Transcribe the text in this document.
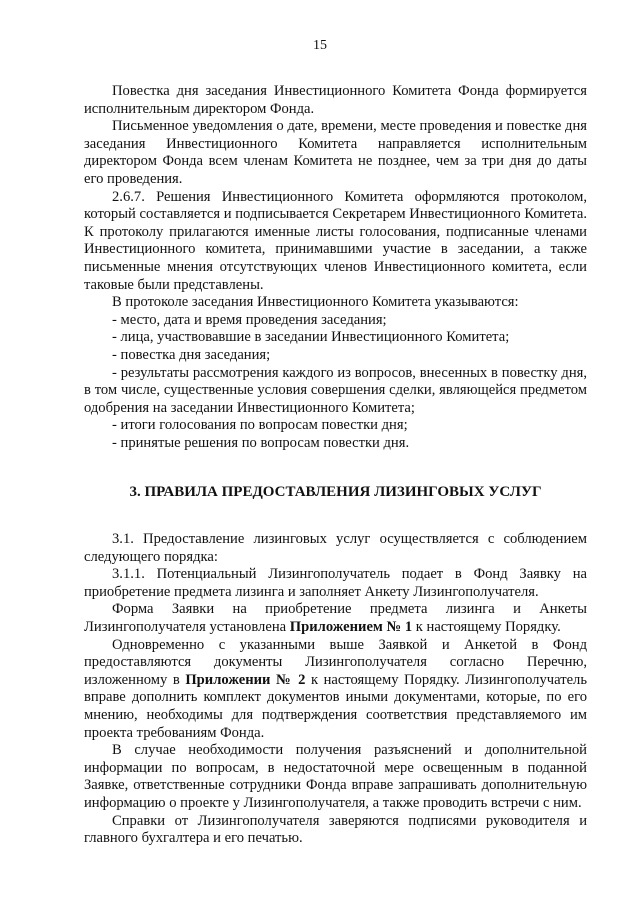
15

Повестка дня заседания Инвестиционного Комитета Фонда формируется исполнительным директором Фонда.

Письменное уведомления о дате, времени, месте проведения и повестке дня заседания Инвестиционного Комитета направляется исполнительным директором Фонда всем членам Комитета не позднее, чем за три дня до даты его проведения.

2.6.7. Решения Инвестиционного Комитета оформляются протоколом, который составляется и подписывается Секретарем Инвестиционного Комитета. К протоколу прилагаются именные листы голосования, подписанные членами Инвестиционного комитета, принимавшими участие в заседании, а также письменные мнения отсутствующих членов Инвестиционного комитета, если таковые были представлены.

В протоколе заседания Инвестиционного Комитета указываются:

- место, дата и время проведения заседания;

- лица, участвовавшие в заседании Инвестиционного Комитета;

- повестка дня заседания;

- результаты рассмотрения каждого из вопросов, внесенных в повестку дня, в том числе, существенные условия совершения сделки, являющейся предметом одобрения на заседании Инвестиционного Комитета;

- итоги голосования по вопросам повестки дня;

- принятые решения по вопросам повестки дня.

3. ПРАВИЛА ПРЕДОСТАВЛЕНИЯ ЛИЗИНГОВЫХ УСЛУГ

3.1. Предоставление лизинговых услуг осуществляется с соблюдением следующего порядка:

3.1.1. Потенциальный Лизингополучатель подает в Фонд Заявку на приобретение предмета лизинга и заполняет Анкету Лизингополучателя.

Форма Заявки на приобретение предмета лизинга и Анкеты Лизингополучателя установлена Приложением № 1 к настоящему Порядку.

Одновременно с указанными выше Заявкой и Анкетой в Фонд предоставляются документы Лизингополучателя согласно Перечню, изложенному в Приложении № 2 к настоящему Порядку. Лизингополучатель вправе дополнить комплект документов иными документами, которые, по его мнению, необходимы для подтверждения соответствия представляемого им проекта требованиям Фонда.

В случае необходимости получения разъяснений и дополнительной информации по вопросам, в недостаточной мере освещенным в поданной Заявке, ответственные сотрудники Фонда вправе запрашивать дополнительную информацию о проекте у Лизингополучателя, а также проводить встречи с ним.

Справки от Лизингополучателя заверяются подписями руководителя и главного бухгалтера и его печатью.
